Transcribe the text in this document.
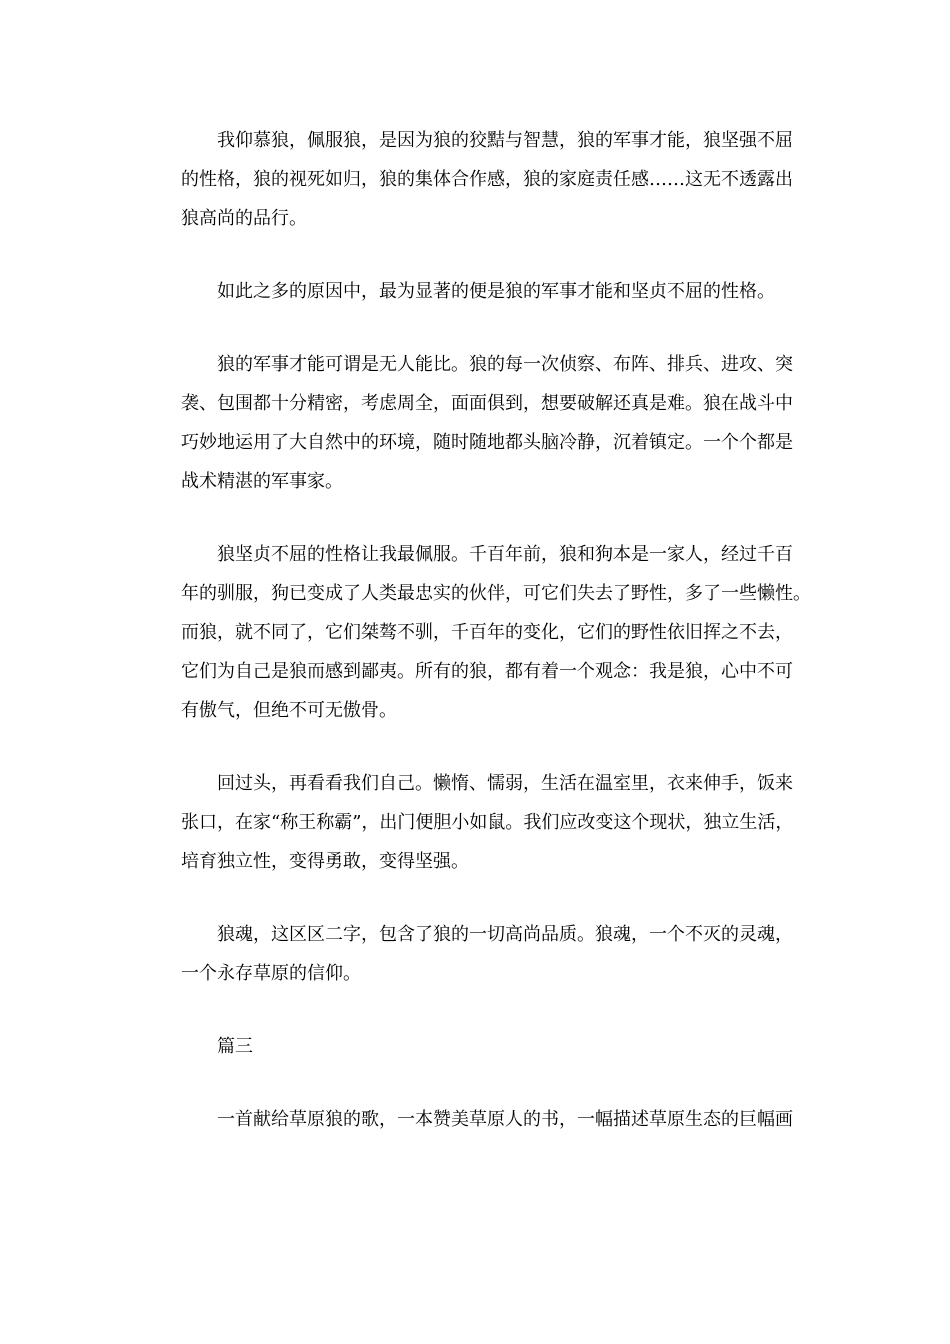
我仰慕狼，佩服狼，是因为狼的狡黠与智慧，狼的军事才能，狼坚强不屈
的性格，狼的视死如归，狼的集体合作感，狼的家庭责任感……这无不透露出
狼高尚的品行。
如此之多的原因中，最为显著的便是狼的军事才能和坚贞不屈的性格。
狼的军事才能可谓是无人能比。狼的每一次侦察、布阵、排兵、进攻、突
袭、包围都十分精密，考虑周全，面面俱到，想要破解还真是难。狼在战斗中
巧妙地运用了大自然中的环境，随时随地都头脑冷静，沉着镇定。一个个都是
战术精湛的军事家。
狼坚贞不屈的性格让我最佩服。千百年前，狼和狗本是一家人，经过千百
年的驯服，狗已变成了人类最忠实的伙伴，可它们失去了野性，多了一些懒性。
而狼，就不同了，它们桀骜不驯，千百年的变化，它们的野性依旧挥之不去，
它们为自己是狼而感到鄙夷。所有的狼，都有着一个观念：我是狼，心中不可
有傲气，但绝不可无傲骨。
回过头，再看看我们自己。懒惰、懦弱，生活在温室里，衣来伸手，饭来
张口，在家“称王称霸”，出门便胆小如鼠。我们应改变这个现状，独立生活，
培育独立性，变得勇敢，变得坚强。
狼魂，这区区二字，包含了狼的一切高尚品质。狼魂，一个不灭的灵魂，
一个永存草原的信仰。
篇三
一首献给草原狼的歌，一本赞美草原人的书，一幅描述草原生态的巨幅画
